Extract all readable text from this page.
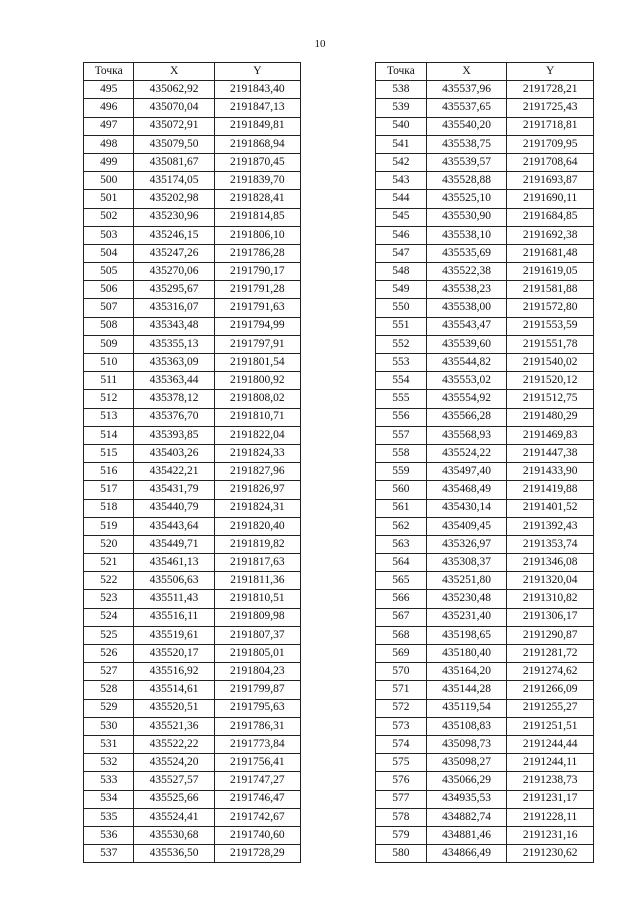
10
Точка	X	Y
495	435062,92	2191843,40
496	435070,04	2191847,13
497	435072,91	2191849,81
498	435079,50	2191868,94
499	435081,67	2191870,45
500	435174,05	2191839,70
501	435202,98	2191828,41
502	435230,96	2191814,85
503	435246,15	2191806,10
504	435247,26	2191786,28
505	435270,06	2191790,17
506	435295,67	2191791,28
507	435316,07	2191791,63
508	435343,48	2191794,99
509	435355,13	2191797,91
510	435363,09	2191801,54
511	435363,44	2191800,92
512	435378,12	2191808,02
513	435376,70	2191810,71
514	435393,85	2191822,04
515	435403,26	2191824,33
516	435422,21	2191827,96
517	435431,79	2191826,97
518	435440,79	2191824,31
519	435443,64	2191820,40
520	435449,71	2191819,82
521	435461,13	2191817,63
522	435506,63	2191811,36
523	435511,43	2191810,51
524	435516,11	2191809,98
525	435519,61	2191807,37
526	435520,17	2191805,01
527	435516,92	2191804,23
528	435514,61	2191799,87
529	435520,51	2191795,63
530	435521,36	2191786,31
531	435522,22	2191773,84
532	435524,20	2191756,41
533	435527,57	2191747,27
534	435525,66	2191746,47
535	435524,41	2191742,67
536	435530,68	2191740,60
537	435536,50	2191728,29
Точка	X	Y
538	435537,96	2191728,21
539	435537,65	2191725,43
540	435540,20	2191718,81
541	435538,75	2191709,95
542	435539,57	2191708,64
543	435528,88	2191693,87
544	435525,10	2191690,11
545	435530,90	2191684,85
546	435538,10	2191692,38
547	435535,69	2191681,48
548	435522,38	2191619,05
549	435538,23	2191581,88
550	435538,00	2191572,80
551	435543,47	2191553,59
552	435539,60	2191551,78
553	435544,82	2191540,02
554	435553,02	2191520,12
555	435554,92	2191512,75
556	435566,28	2191480,29
557	435568,93	2191469,83
558	435524,22	2191447,38
559	435497,40	2191433,90
560	435468,49	2191419,88
561	435430,14	2191401,52
562	435409,45	2191392,43
563	435326,97	2191353,74
564	435308,37	2191346,08
565	435251,80	2191320,04
566	435230,48	2191310,82
567	435231,40	2191306,17
568	435198,65	2191290,87
569	435180,40	2191281,72
570	435164,20	2191274,62
571	435144,28	2191266,09
572	435119,54	2191255,27
573	435108,83	2191251,51
574	435098,73	2191244,44
575	435098,27	2191244,11
576	435066,29	2191238,73
577	434935,53	2191231,17
578	434882,74	2191228,11
579	434881,46	2191231,16
580	434866,49	2191230,62
